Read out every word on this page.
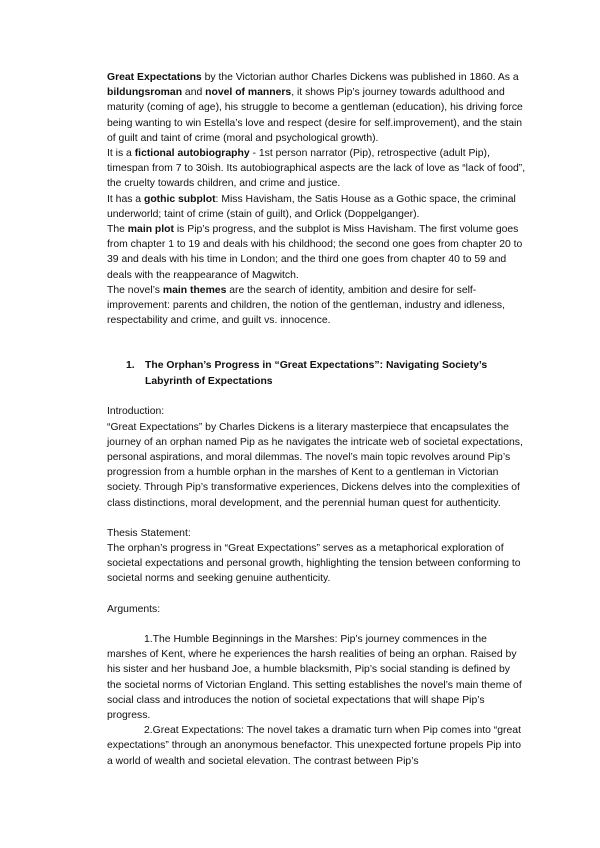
Great Expectations by the Victorian author Charles Dickens was published in 1860. As a bildungsroman and novel of manners, it shows Pip’s journey towards adulthood and maturity (coming of age), his struggle to become a gentleman (education), his driving force being wanting to win Estella’s love and respect (desire for self.improvement), and the stain of guilt and taint of crime (moral and psychological growth).

It is a fictional autobiography - 1st person narrator (Pip), retrospective (adult Pip), timespan from 7 to 30ish. Its autobiographical aspects are the lack of love as “lack of food”, the cruelty towards children, and crime and justice.

It has a gothic subplot: Miss Havisham, the Satis House as a Gothic space, the criminal underworld; taint of crime (stain of guilt), and Orlick (Doppelganger).

The main plot is Pip’s progress, and the subplot is Miss Havisham. The first volume goes from chapter 1 to 19 and deals with his childhood; the second one goes from chapter 20 to 39 and deals with his time in London; and the third one goes from chapter 40 to 59 and deals with the reappearance of Magwitch.

The novel’s main themes are the search of identity, ambition and desire for self-improvement: parents and children, the notion of the gentleman, industry and idleness, respectability and crime, and guilt vs. innocence.

1. The Orphan’s Progress in “Great Expectations”: Navigating Society’s Labyrinth of Expectations

Introduction:

“Great Expectations” by Charles Dickens is a literary masterpiece that encapsulates the journey of an orphan named Pip as he navigates the intricate web of societal expectations, personal aspirations, and moral dilemmas. The novel’s main topic revolves around Pip’s progression from a humble orphan in the marshes of Kent to a gentleman in Victorian society. Through Pip’s transformative experiences, Dickens delves into the complexities of class distinctions, moral development, and the perennial human quest for authenticity.

Thesis Statement:

The orphan’s progress in “Great Expectations” serves as a metaphorical exploration of societal expectations and personal growth, highlighting the tension between conforming to societal norms and seeking genuine authenticity.

Arguments:

1.The Humble Beginnings in the Marshes: Pip’s journey commences in the marshes of Kent, where he experiences the harsh realities of being an orphan. Raised by his sister and her husband Joe, a humble blacksmith, Pip’s social standing is defined by the societal norms of Victorian England. This setting establishes the novel’s main theme of social class and introduces the notion of societal expectations that will shape Pip’s progress.

2.Great Expectations: The novel takes a dramatic turn when Pip comes into “great expectations” through an anonymous benefactor. This unexpected fortune propels Pip into a world of wealth and societal elevation. The contrast between Pip’s
